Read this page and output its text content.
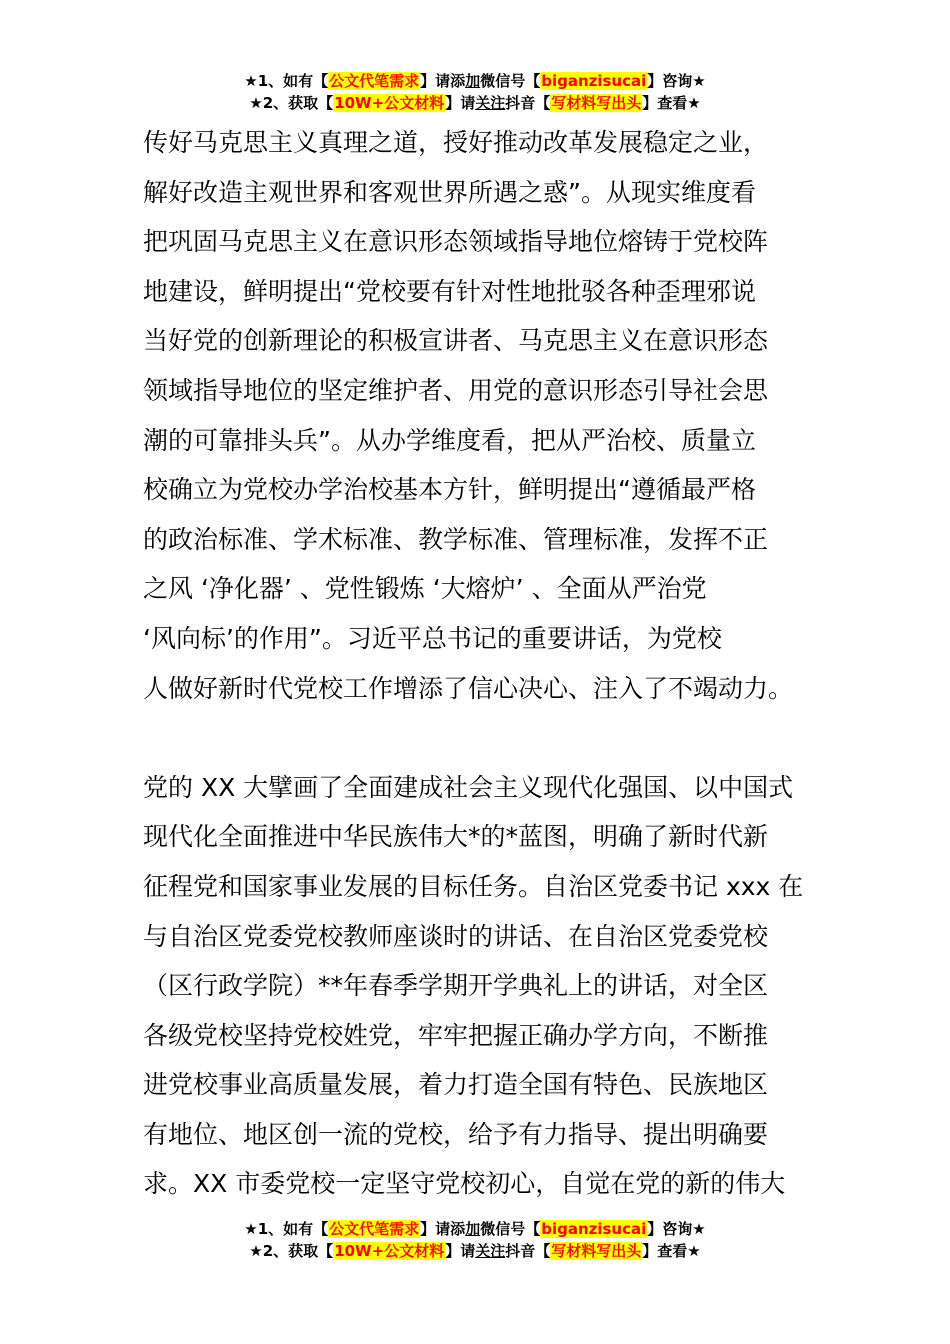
★1、如有【公文代笔需求】请添加微信号【biganzisucai】咨询★
★2、获取【10W+公文材料】请关注抖音【写材料写出头】查看★
传好马克思主义真理之道，授好推动改革发展稳定之业，
解好改造主观世界和客观世界所遇之惑”。从现实维度看
把巩固马克思主义在意识形态领域指导地位熔铸于党校阵
地建设，鲜明提出“党校要有针对性地批驳各种歪理邪说
当好党的创新理论的积极宣讲者、马克思主义在意识形态
领域指导地位的坚定维护者、用党的意识形态引导社会思
潮的可靠排头兵”。从办学维度看，把从严治校、质量立
校确立为党校办学治校基本方针，鲜明提出“遵循最严格
的政治标准、学术标准、教学标准、管理标准，发挥不正
之风 ‘净化器’ 、党性锻炼 ‘大熔炉’ 、全面从严治党
‘风向标’的作用”。习近平总书记的重要讲话，为党校
人做好新时代党校工作增添了信心决心、注入了不竭动力。
党的 XX 大擘画了全面建成社会主义现代化强国、以中国式
现代化全面推进中华民族伟大*的*蓝图，明确了新时代新
征程党和国家事业发展的目标任务。自治区党委书记 xxx 在
与自治区党委党校教师座谈时的讲话、在自治区党委党校
（区行政学院）**年春季学期开学典礼上的讲话，对全区
各级党校坚持党校姓党，牢牢把握正确办学方向，不断推
进党校事业高质量发展，着力打造全国有特色、民族地区
有地位、地区创一流的党校，给予有力指导、提出明确要
求。XX 市委党校一定坚守党校初心，自觉在党的新的伟大
★1、如有【公文代笔需求】请添加微信号【biganzisucai】咨询★
★2、获取【10W+公文材料】请关注抖音【写材料写出头】查看★
